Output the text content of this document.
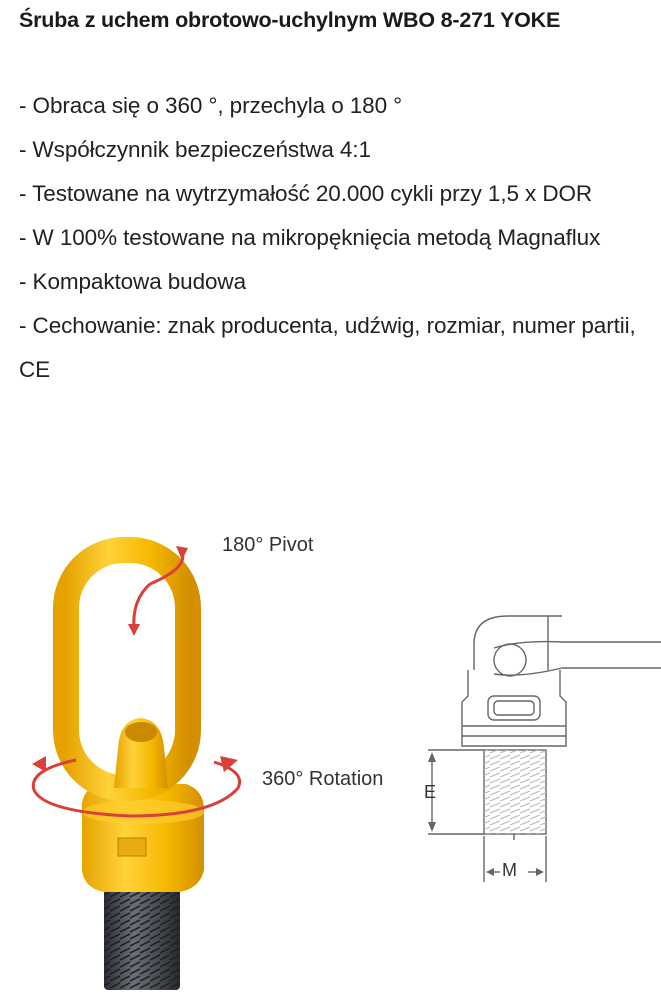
Śruba z uchem obrotowo-uchylnym WBO 8-271 YOKE
- Obraca się o 360 °, przechyla o 180 °
- Współczynnik bezpieczeństwa 4:1
- Testowane na wytrzymałość 20.000 cykli przy 1,5 x DOR
- W 100% testowane na mikropęknięcia metodą Magnaflux
- Kompaktowa budowa
- Cechowanie: znak producenta, udźwig, rozmiar, numer partii, CE
180° Pivot
360° Rotation
E
M
